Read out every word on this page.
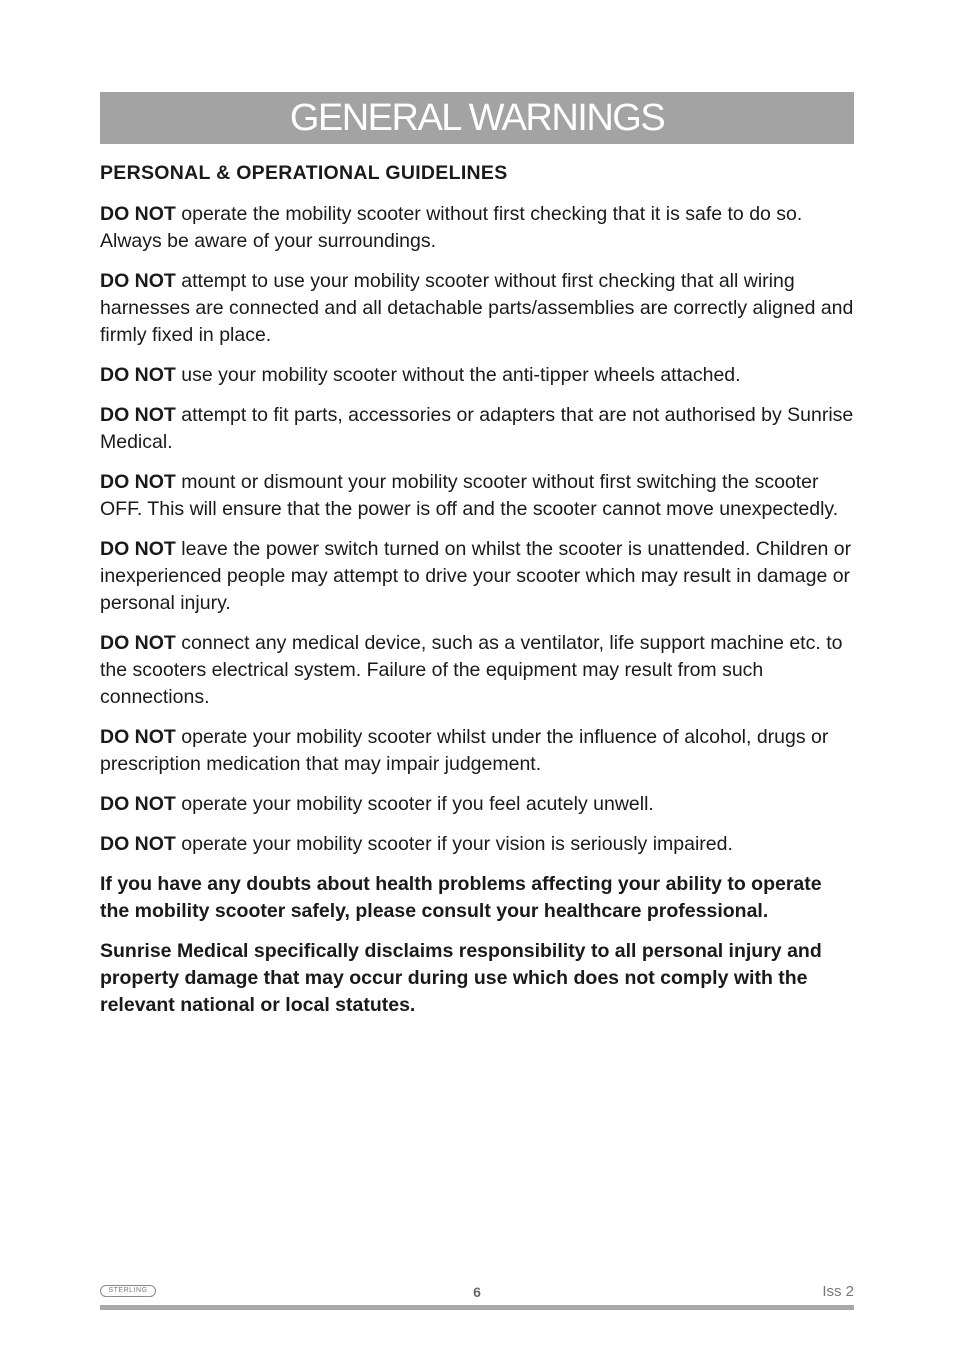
GENERAL WARNINGS
PERSONAL & OPERATIONAL GUIDELINES

DO NOT operate the mobility scooter without first checking that it is safe to do so. Always be aware of your surroundings.

DO NOT attempt to use your mobility scooter without first checking that all wiring harnesses are connected and all detachable parts/assemblies are correctly aligned and firmly fixed in place.

DO NOT use your mobility scooter without the anti-tipper wheels attached.

DO NOT attempt to fit parts, accessories or adapters that are not authorised by Sunrise Medical.

DO NOT mount or dismount your mobility scooter without first switching the scooter OFF. This will ensure that the power is off and the scooter cannot move unexpectedly.

DO NOT leave the power switch turned on whilst the scooter is unattended. Children or inexperienced people may attempt to drive your scooter which may result in damage or personal injury.

DO NOT connect any medical device, such as a ventilator, life support machine etc. to the scooters electrical system. Failure of the equipment may result from such connections.

DO NOT operate your mobility scooter whilst under the influence of alcohol, drugs or prescription medication that may impair judgement.

DO NOT operate your mobility scooter if you feel acutely unwell.

DO NOT operate your mobility scooter if your vision is seriously impaired.

If you have any doubts about health problems affecting your ability to operate the mobility scooter safely, please consult your healthcare professional.

Sunrise Medical specifically disclaims responsibility to all personal injury and property damage that may occur during use which does not comply with the relevant national or local statutes.

STERLING	6	Iss 2
